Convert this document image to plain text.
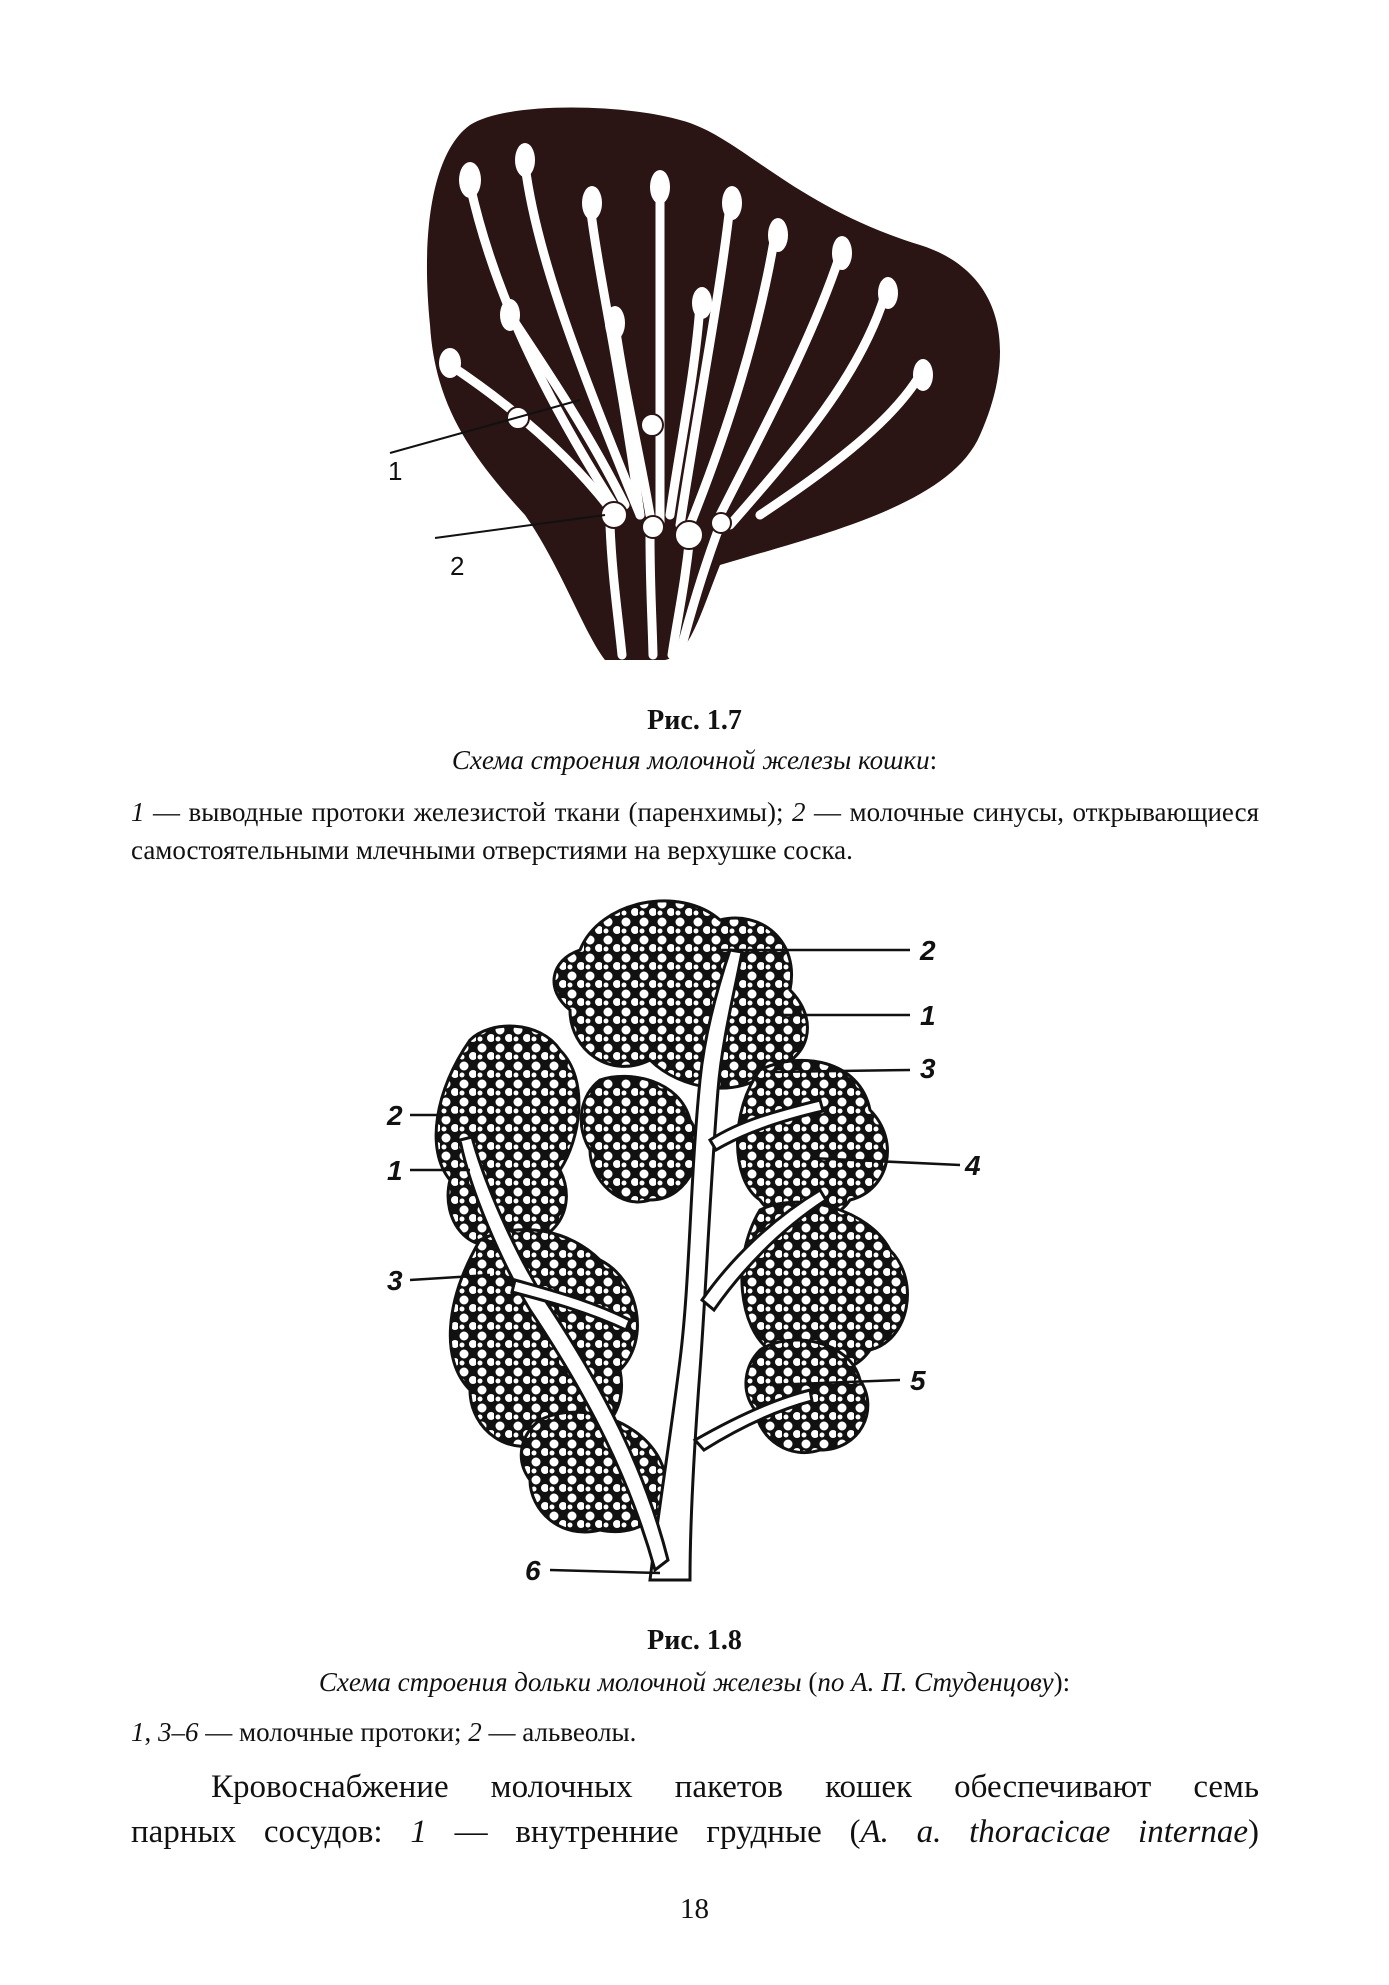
1
2
Рис. 1.7
Схема строения молочной железы кошки:
1 — выводные протоки железистой ткани (паренхимы); 2 — молочные синусы, открывающиеся самостоятельными млечными отверстиями на верхушке соска.
2
1
3
4
2
1
3
5
6
Рис. 1.8
Схема строения дольки молочной железы (по А. П. Студенцову):
1, 3–6 — молочные протоки; 2 — альвеолы.
Кровоснабжение молочных пакетов кошек обеспечивают семь
парных сосудов: 1 — внутренние грудные (A. a. thoracicae internae)
18
